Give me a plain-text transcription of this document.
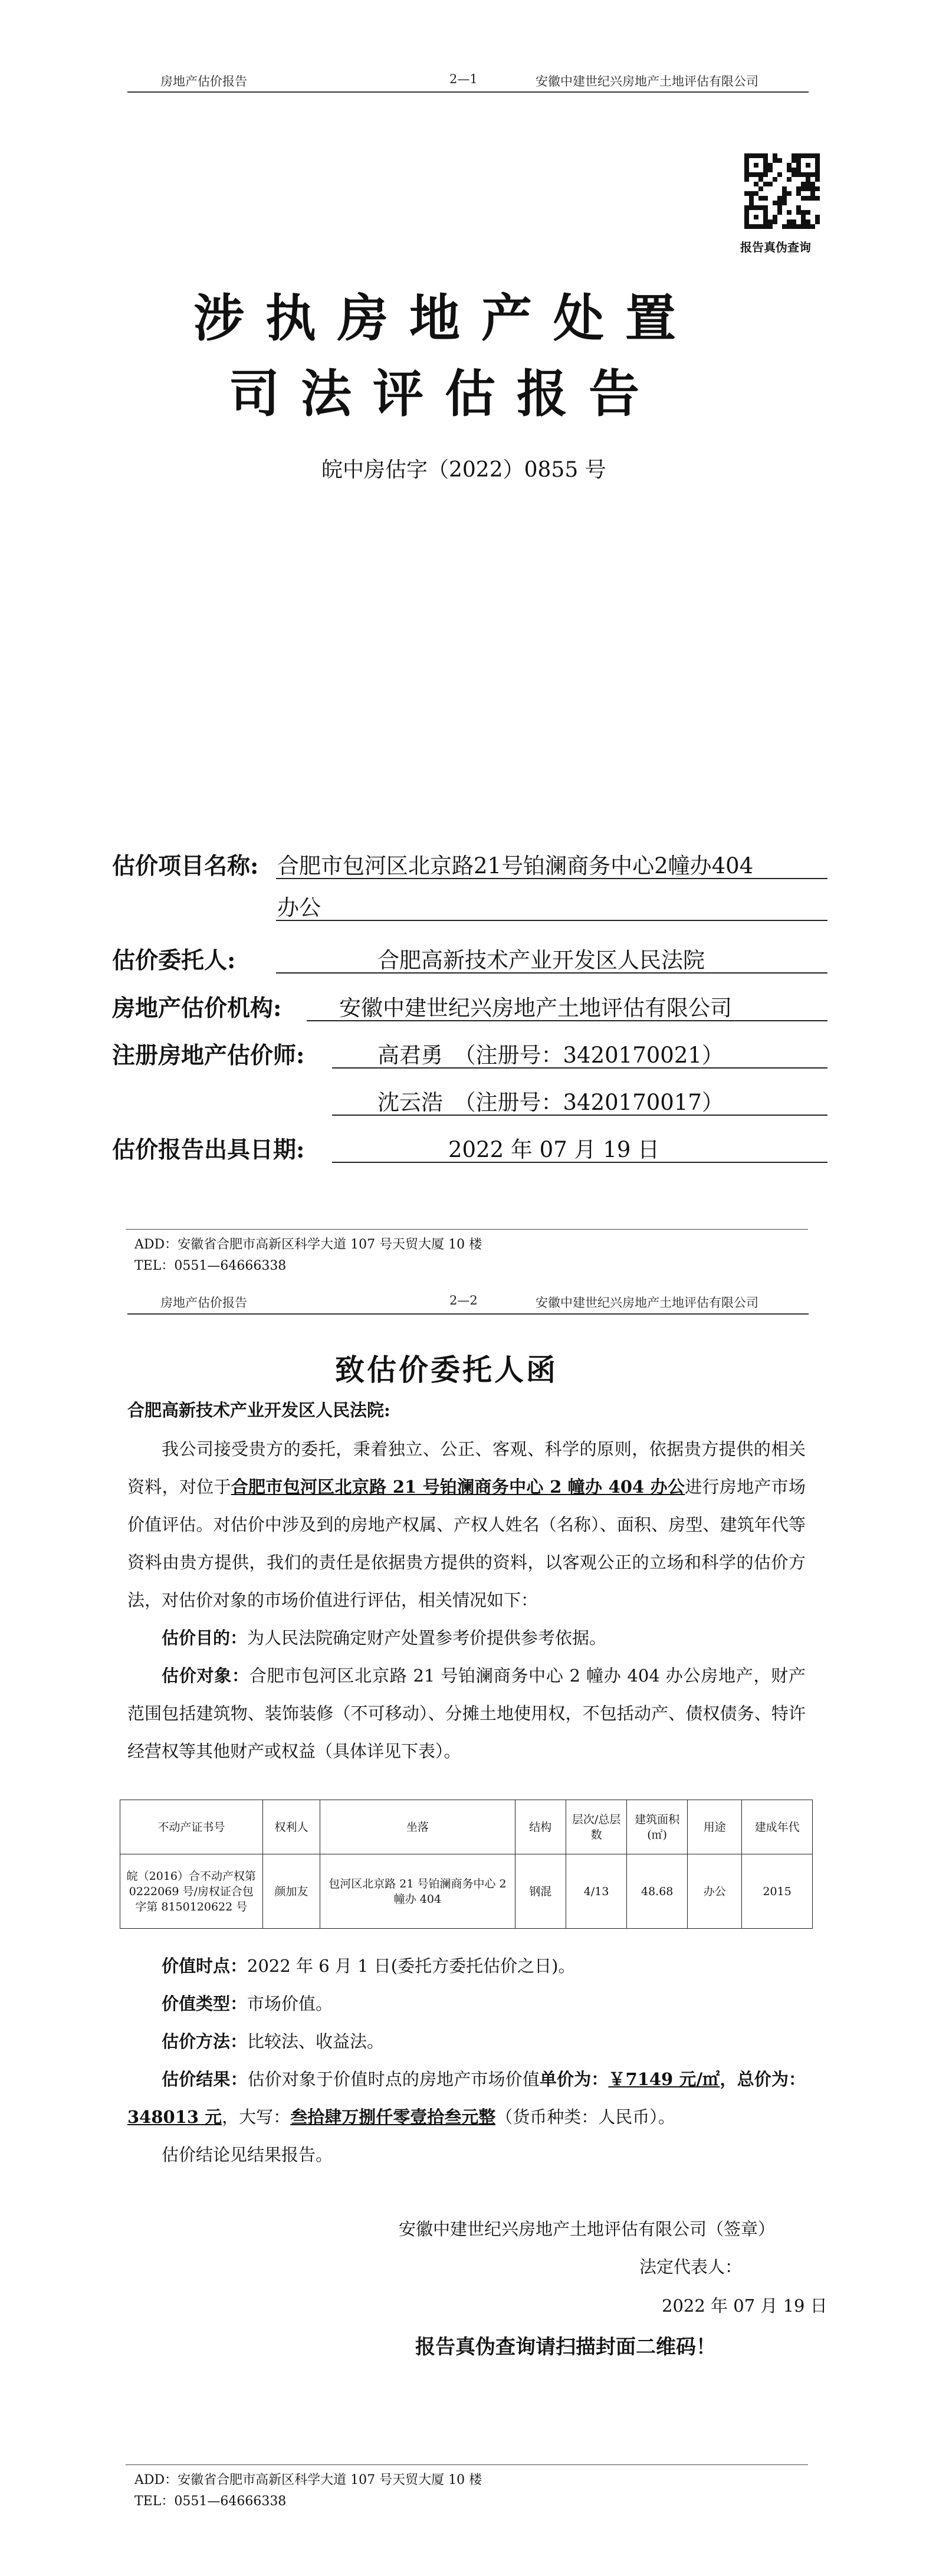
房地产估价报告	2—1	安徽中建世纪兴房地产土地评估有限公司
报告真伪查询
涉执房地产处置
司法评估报告
皖中房估字（2022）0855 号
估价项目名称: 合肥市包河区北京路21号铂澜商务中心2幢办404
办公
估价委托人:	合肥高新技术产业开发区人民法院
房地产估价机构:	安徽中建世纪兴房地产土地评估有限公司
注册房地产估价师:	高君勇　（注册号：3420170021）
沈云浩　（注册号：3420170017）
估价报告出具日期:	2022 年 07 月 19 日
ADD：安徽省合肥市高新区科学大道 107 号天贸大厦 10 楼
TEL：0551—64666338
房地产估价报告	2—2	安徽中建世纪兴房地产土地评估有限公司
致估价委托人函
合肥高新技术产业开发区人民法院:
我公司接受贵方的委托，秉着独立、公正、客观、科学的原则，依据贵方提供的相关资料，对位于合肥市包河区北京路 21 号铂澜商务中心 2 幢办 404 办公进行房地产市场价值评估。对估价中涉及到的房地产权属、产权人姓名（名称）、面积、房型、建筑年代等资料由贵方提供，我们的责任是依据贵方提供的资料，以客观公正的立场和科学的估价方法，对估价对象的市场价值进行评估，相关情况如下：
估价目的：为人民法院确定财产处置参考价提供参考依据。
估价对象：合肥市包河区北京路 21 号铂澜商务中心 2 幢办 404 办公房地产，财产范围包括建筑物、装饰装修（不可移动）、分摊土地使用权，不包括动产、债权债务、特许经营权等其他财产或权益（具体详见下表）。
不动产证书号	权利人	坐落	结构	层次/总层数	建筑面积(㎡)	用途	建成年代
皖（2016）合不动产权第 0222069 号/房权证合包字第 8150120622 号	颜加友	包河区北京路 21 号铂澜商务中心 2 幢办 404	钢混	4/13	48.68	办公	2015
价值时点：2022 年 6 月 1 日(委托方委托估价之日)。
价值类型：市场价值。
估价方法：比较法、收益法。
估价结果：估价对象于价值时点的房地产市场价值单价为：￥7149 元/㎡，总价为：348013 元，大写：叁拾肆万捌仟零壹拾叁元整（货币种类：人民币）。
估价结论见结果报告。
安徽中建世纪兴房地产土地评估有限公司（签章）
法定代表人：
2022 年 07 月 19 日
报告真伪查询请扫描封面二维码！
ADD：安徽省合肥市高新区科学大道 107 号天贸大厦 10 楼
TEL：0551—64666338
